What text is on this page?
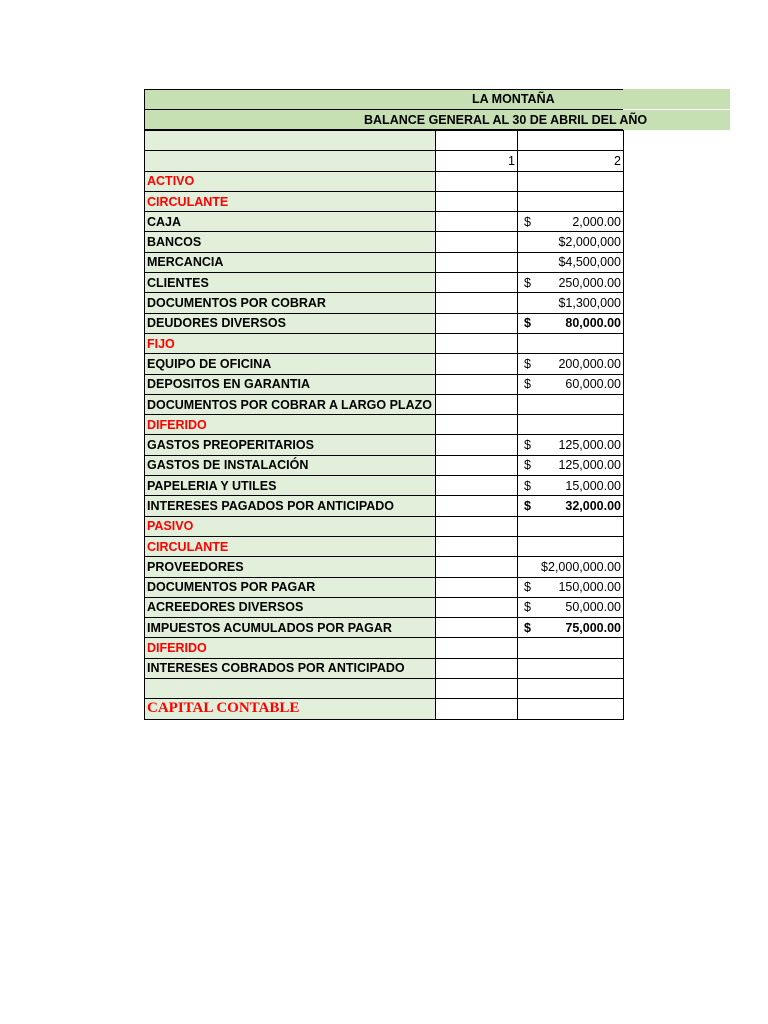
LA MONTAÑA
BALANCE GENERAL AL 30 DE ABRIL DEL AÑO

	1	2
ACTIVO		

CIRCULANTE		

CAJA		$ 2,000.00
BANCOS		$2,000,000
MERCANCIA		$4,500,000
CLIENTES		$ 250,000.00
DOCUMENTOS POR COBRAR		$1,300,000
DEUDORES DIVERSOS		$ 80,000.00
FIJO		

EQUIPO DE OFICINA		$ 200,000.00
DEPOSITOS EN GARANTIA		$ 60,000.00
DOCUMENTOS POR COBRAR A LARGO PLAZO		

DIFERIDO		

GASTOS PREOPERITARIOS		$ 125,000.00
GASTOS DE INSTALACIÓN		$ 125,000.00
PAPELERIA Y UTILES		$ 15,000.00
INTERESES PAGADOS POR ANTICIPADO		$ 32,000.00
PASIVO		

CIRCULANTE		

PROVEEDORES		$2,000,000.00
DOCUMENTOS POR PAGAR		$ 150,000.00
ACREEDORES DIVERSOS		$ 50,000.00
IMPUESTOS ACUMULADOS POR PAGAR		$ 75,000.00
DIFERIDO		

INTERESES COBRADOS POR ANTICIPADO		

CAPITAL CONTABLE		
